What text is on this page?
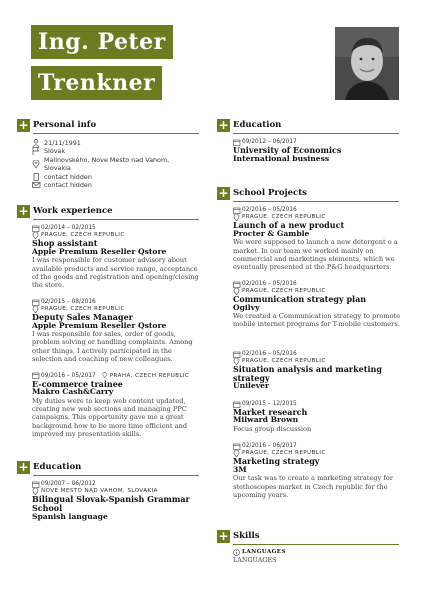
Ing. Peter
Trenkner
+ Personal info
21/11/1991
Slovak
Malinovského, Nove Mesto nad Vahom,
Slovakia
contact hidden
contact hidden
+ Work experience
02/2014 – 02/2015
PRAGUE, CZECH REPUBLIC
Shop assistant
Apple Premium Reseller Qstore
I was responsible for customer advisory about
available products and service range, acceptance
of the goods and registration and opening/closing
the store.
02/2015 – 08/2016
PRAGUE, CZECH REPUBLIC
Deputy Sales Manager
Apple Premium Reseller Qstore
I was responsible for sales, order of goods,
problem solving or handling complaints. Among
other things, I actively participated in the
selection and coaching of new colleagues.
09/2016 – 05/2017	PRAHA, CZECH REPUBLIC
E-commerce trainee
Makro Cash&Carry
My duties were to keep web content updated,
creating new web sections and managing PPC
campaigns. This opportunity gave me a great
background how to be more time efficient and
improved my presentation skills.
+ Education
09/2007 – 06/2012
NOVE MESTO NAD VAHOM, SLOVAKIA
Bilingual Slovak-Spanish Grammar
School
Spanish language
+ Education
09/2012 – 06/2017
University of Economics
International business
+ School Projects
02/2016 – 05/2016
PRAGUE, CZECH REPUBLIC
Launch of a new product
Procter & Gamble
We were supposed to launch a new detergent o a
market. In our team we worked mainly on
commercial and marketings elements, which we
eventually presented at the P&G headquarters.
02/2016 – 05/2016
PRAGUE, CZECH REPUBLIC
Communication strategy plan
Ogilvy
We created a Communication strategy to promote
mobile internet programs for T-mobile customers.
02/2016 – 05/2016
PRAGUE, CZECH REPUBLIC
Situation analysis and marketing
strategy
Unilever
09/2015 – 12/2015
Market research
Milward Brown
Focus group discussion
02/2016 – 06/2017
PRAGUE, CZECH REPUBLIC
Marketing strategy
3M
Our task was to create a marketing strategy for
stethoscopes market in Czech republic for the
upcoming years.
+ Skills
LANGUAGES
LANGUAGES
